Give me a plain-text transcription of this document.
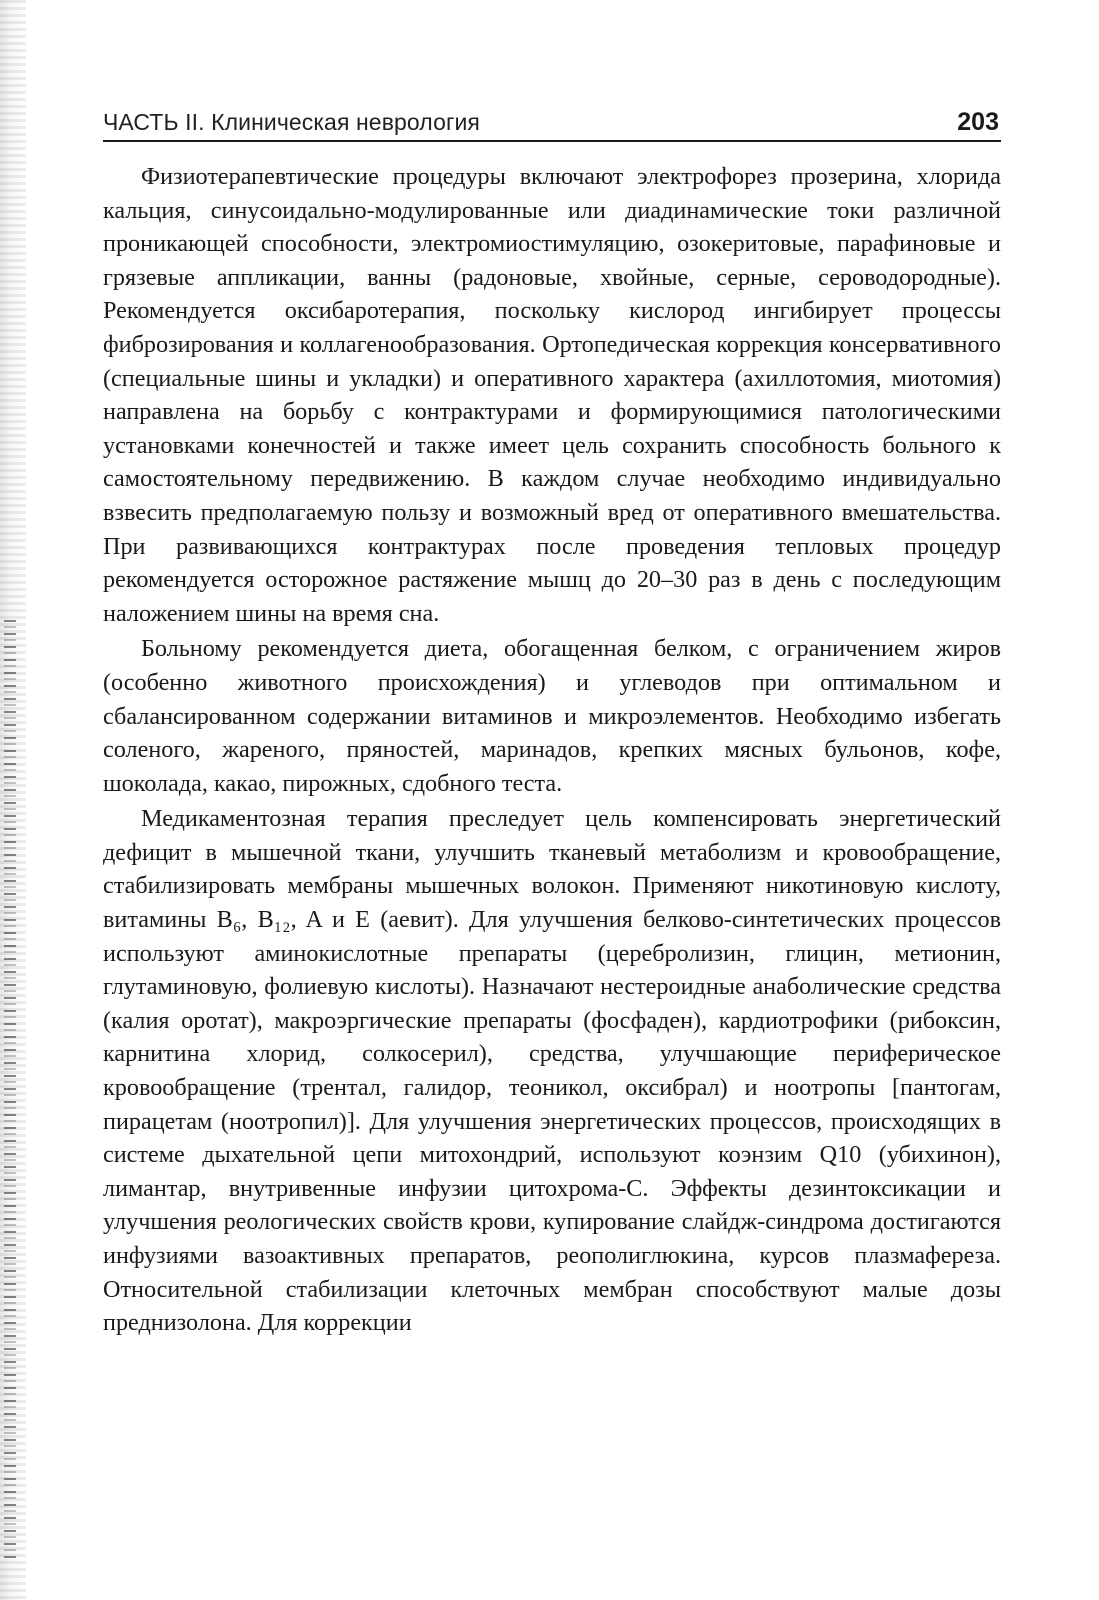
ЧАСТЬ II. Клиническая неврология	203

Физиотерапевтические процедуры включают электрофорез прозерина, хлорида кальция, синусоидально-модулированные или диадинамические токи различной проникающей способности, электромиостимуляцию, озокеритовые, парафиновые и грязевые аппликации, ванны (радоновые, хвойные, серные, сероводородные). Рекомендуется оксибаротерапия, поскольку кислород ингибирует процессы фиброзирования и коллагенообразования. Ортопедическая коррекция консервативного (специальные шины и укладки) и оперативного характера (ахиллотомия, миотомия) направлена на борьбу с контрактурами и формирующимися патологическими установками конечностей и также имеет цель сохранить способность больного к самостоятельному передвижению. В каждом случае необходимо индивидуально взвесить предполагаемую пользу и возможный вред от оперативного вмешательства. При развивающихся контрактурах после проведения тепловых процедур рекомендуется осторожное растяжение мышц до 20–30 раз в день с последующим наложением шины на время сна.

Больному рекомендуется диета, обогащенная белком, с ограничением жиров (особенно животного происхождения) и углеводов при оптимальном и сбалансированном содержании витаминов и микроэлементов. Необходимо избегать соленого, жареного, пряностей, маринадов, крепких мясных бульонов, кофе, шоколада, какао, пирожных, сдобного теста.

Медикаментозная терапия преследует цель компенсировать энергетический дефицит в мышечной ткани, улучшить тканевый метаболизм и кровообращение, стабилизировать мембраны мышечных волокон. Применяют никотиновую кислоту, витамины B₆, B₁₂, A и E (аевит). Для улучшения белково-синтетических процессов используют аминокислотные препараты (церебролизин, глицин, метионин, глутаминовую, фолиевую кислоты). Назначают нестероидные анаболические средства (калия оротат), макроэргические препараты (фосфаден), кардиотрофики (рибоксин, карнитина хлорид, солкосерил), средства, улучшающие периферическое кровообращение (трентал, галидор, теоникол, оксибрал) и ноотропы [пантогам, пирацетам (ноотропил)]. Для улучшения энергетических процессов, происходящих в системе дыхательной цепи митохондрий, используют коэнзим Q10 (убихинон), лимантар, внутривенные инфузии цитохрома-С. Эффекты дезинтоксикации и улучшения реологических свойств крови, купирование слайдж-синдрома достигаются инфузиями вазоактивных препаратов, реополиглюкина, курсов плазмафереза. Относительной стабилизации клеточных мембран способствуют малые дозы преднизолона. Для коррекции
